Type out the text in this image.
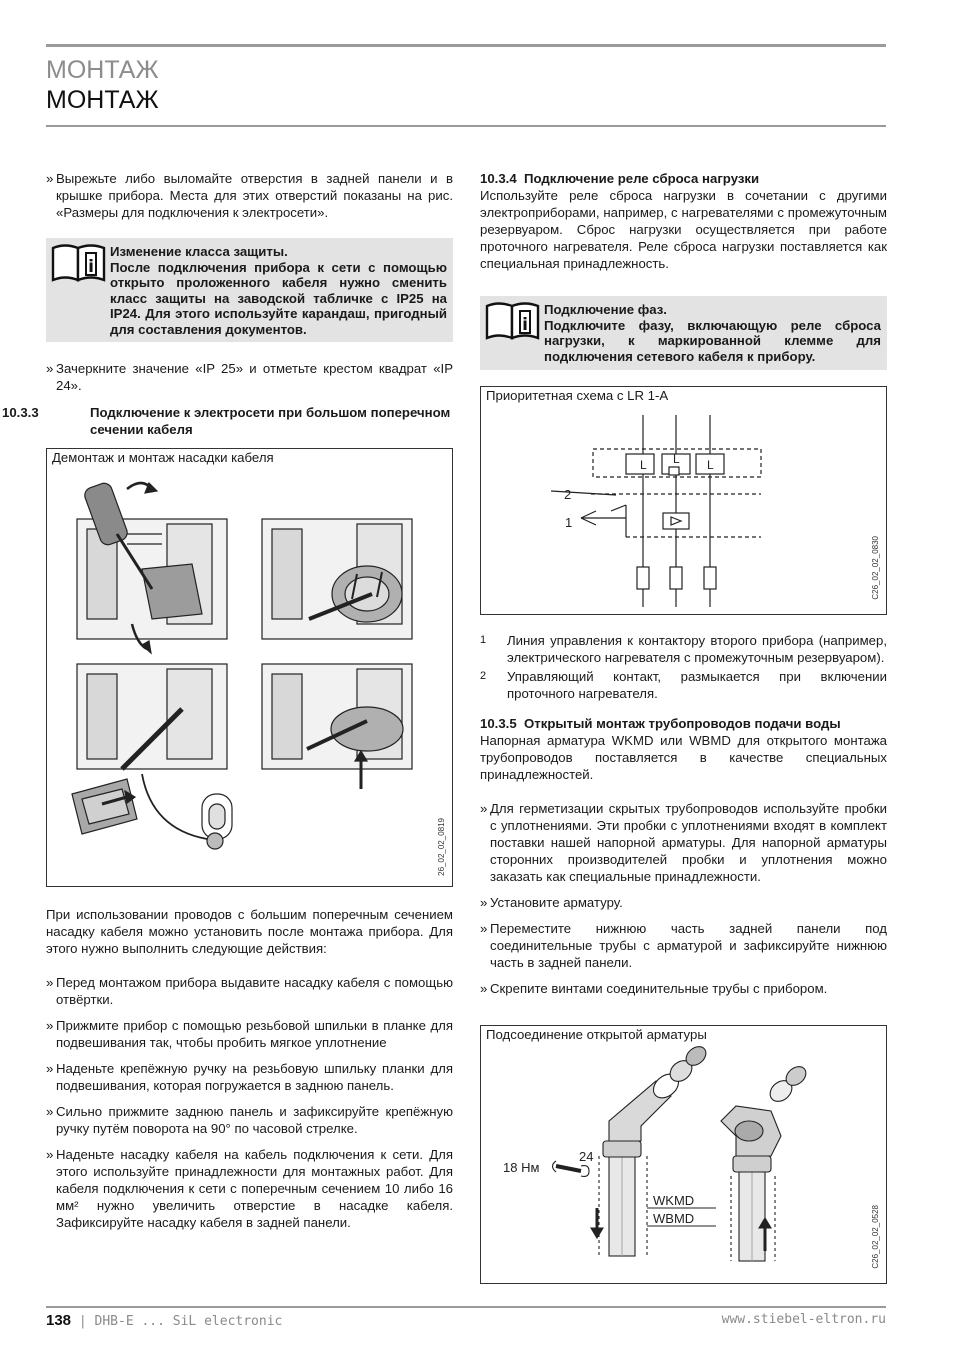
МОНТАЖ
МОНТАЖ

» Вырежьте либо выломайте отверстия в задней панели и в крышке прибора. Места для этих отверстий показаны на рис. «Размеры для подключения к электросети».

i
Изменение класса защиты.
После подключения прибора к сети с помощью открыто проложенного кабеля нужно сменить класс защиты на заводской табличке с IP25 на IP24. Для этого используйте карандаш, пригодный для составления документов.

» Зачеркните значение «IP 25» и отметьте крестом квадрат «IP 24».

10.3.3	Подключение к электросети при большом поперечном сечении кабеля

Демонтаж и монтаж насадки кабеля
26_02_02_0819

При использовании проводов с большим поперечным сечением насадку кабеля можно установить после монтажа прибора. Для этого нужно выполнить следующие действия:

» Перед монтажом прибора выдавите насадку кабеля с помощью отвёртки.

» Прижмите прибор с помощью резьбовой шпильки в планке для подвешивания так, чтобы пробить мягкое уплотнение

» Наденьте крепёжную ручку на резьбовую шпильку планки для подвешивания, которая погружается в заднюю панель.

» Сильно прижмите заднюю панель и зафиксируйте крепёжную ручку путём поворота на 90° по часовой стрелке.

» Наденьте насадку кабеля на кабель подключения к сети. Для этого используйте принадлежности для монтажных работ. Для кабеля подключения к сети с поперечным сечением 10 либо 16 мм² нужно увеличить отверстие в насадке кабеля. Зафиксируйте насадку кабеля в задней панели.

10.3.4 Подключение реле сброса нагрузки

Используйте реле сброса нагрузки в сочетании с другими электроприборами, например, с нагревателями с промежуточным резервуаром. Сброс нагрузки осуществляется при работе проточного нагревателя. Реле сброса нагрузки поставляется как специальная принадлежность.

i
Подключение фаз.
Подключите фазу, включающую реле сброса нагрузки, к маркированной клемме для подключения сетевого кабеля к прибору.
Приоритетная схема с LR 1-A
L L L
1
2
C26_02_02_0830
1 Линия управления к контактору второго прибора (например, электрического нагревателя с промежуточным резервуаром).
2 Управляющий контакт, размыкается при включении проточного нагревателя.

10.3.5 Открытый монтаж трубопроводов подачи воды

Напорная арматура WKMD или WBMD для открытого монтажа трубопроводов поставляется в качестве специальных принадлежностей.

» Для герметизации скрытых трубопроводов используйте пробки с уплотнениями. Эти пробки с уплотнениями входят в комплект поставки нашей напорной арматуры. Для напорной арматуры сторонних производителей пробки и уплотнения можно заказать как специальные принадлежности.

» Установите арматуру.

» Переместите нижнюю часть задней панели под соединительные трубы с арматурой и зафиксируйте нижнюю часть в задней панели.

» Скрепите винтами соединительные трубы с прибором.

Подсоединение открытой арматуры
18 Нм
24
WKMD
WBMD	C26_02_02_0528
138 | DHB-E ... SiL electronic	www.stiebel-eltron.ru
